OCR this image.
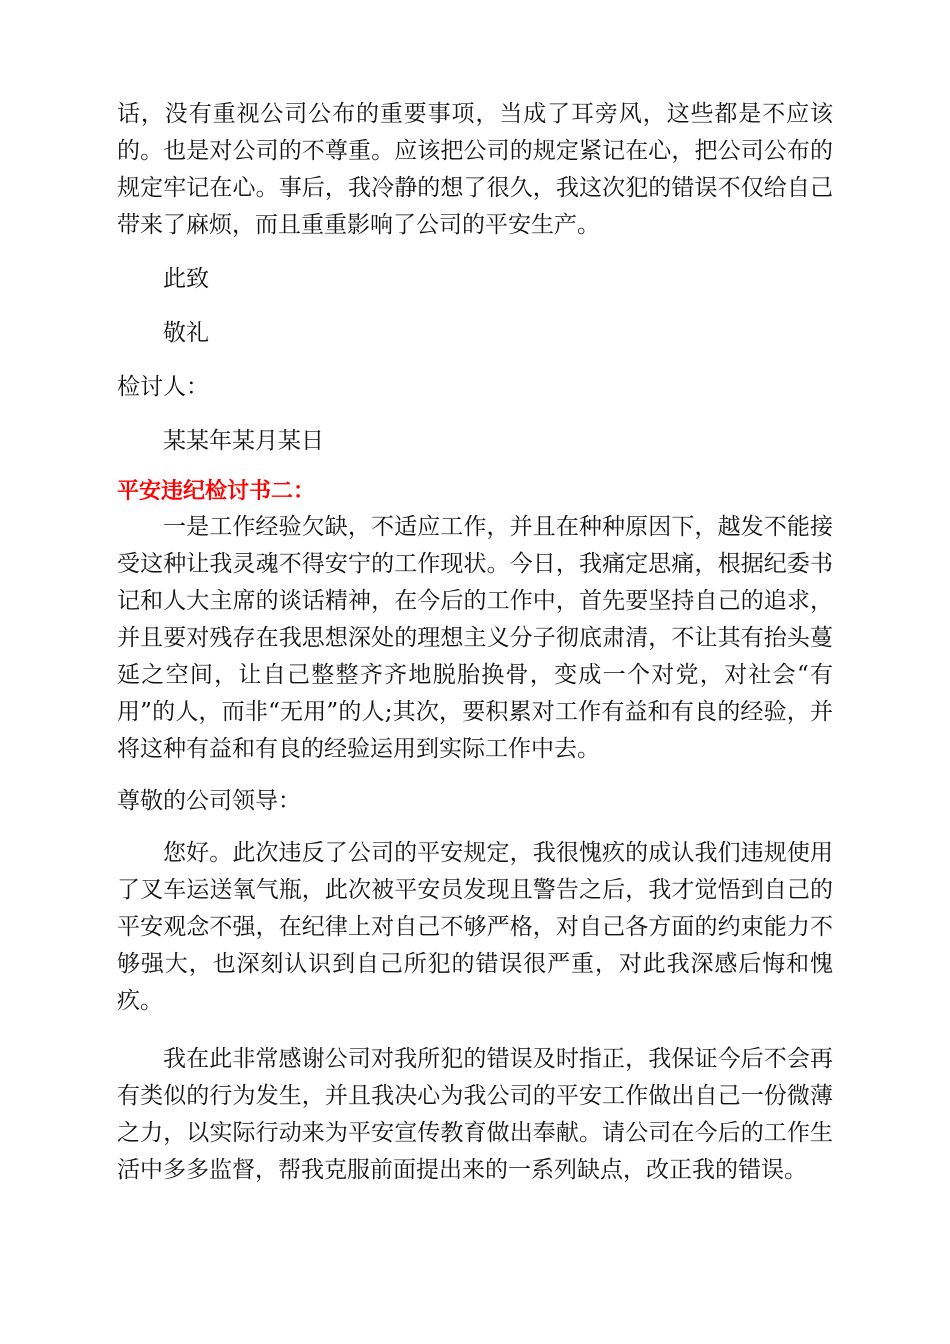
话，没有重视公司公布的重要事项，当成了耳旁风，这些都是不应该的。也是对公司的不尊重。应该把公司的规定紧记在心，把公司公布的规定牢记在心。事后，我冷静的想了很久，我这次犯的错误不仅给自己带来了麻烦，而且重重影响了公司的平安生产。

此致

敬礼

检讨人：

某某年某月某日

平安违纪检讨书二：

一是工作经验欠缺，不适应工作，并且在种种原因下，越发不能接受这种让我灵魂不得安宁的工作现状。今日，我痛定思痛，根据纪委书记和人大主席的谈话精神，在今后的工作中，首先要坚持自己的追求，并且要对残存在我思想深处的理想主义分子彻底肃清，不让其有抬头蔓延之空间，让自己整整齐齐地脱胎换骨，变成一个对党，对社会“有用”的人，而非“无用”的人;其次，要积累对工作有益和有良的经验，并将这种有益和有良的经验运用到实际工作中去。

尊敬的公司领导：

您好。此次违反了公司的平安规定，我很愧疚的成认我们违规使用了叉车运送氧气瓶，此次被平安员发现且警告之后，我才觉悟到自己的平安观念不强，在纪律上对自己不够严格，对自己各方面的约束能力不够强大，也深刻认识到自己所犯的错误很严重，对此我深感后悔和愧疚。

我在此非常感谢公司对我所犯的错误及时指正，我保证今后不会再有类似的行为发生，并且我决心为我公司的平安工作做出自己一份微薄之力，以实际行动来为平安宣传教育做出奉献。请公司在今后的工作生活中多多监督，帮我克服前面提出来的一系列缺点，改正我的错误。
